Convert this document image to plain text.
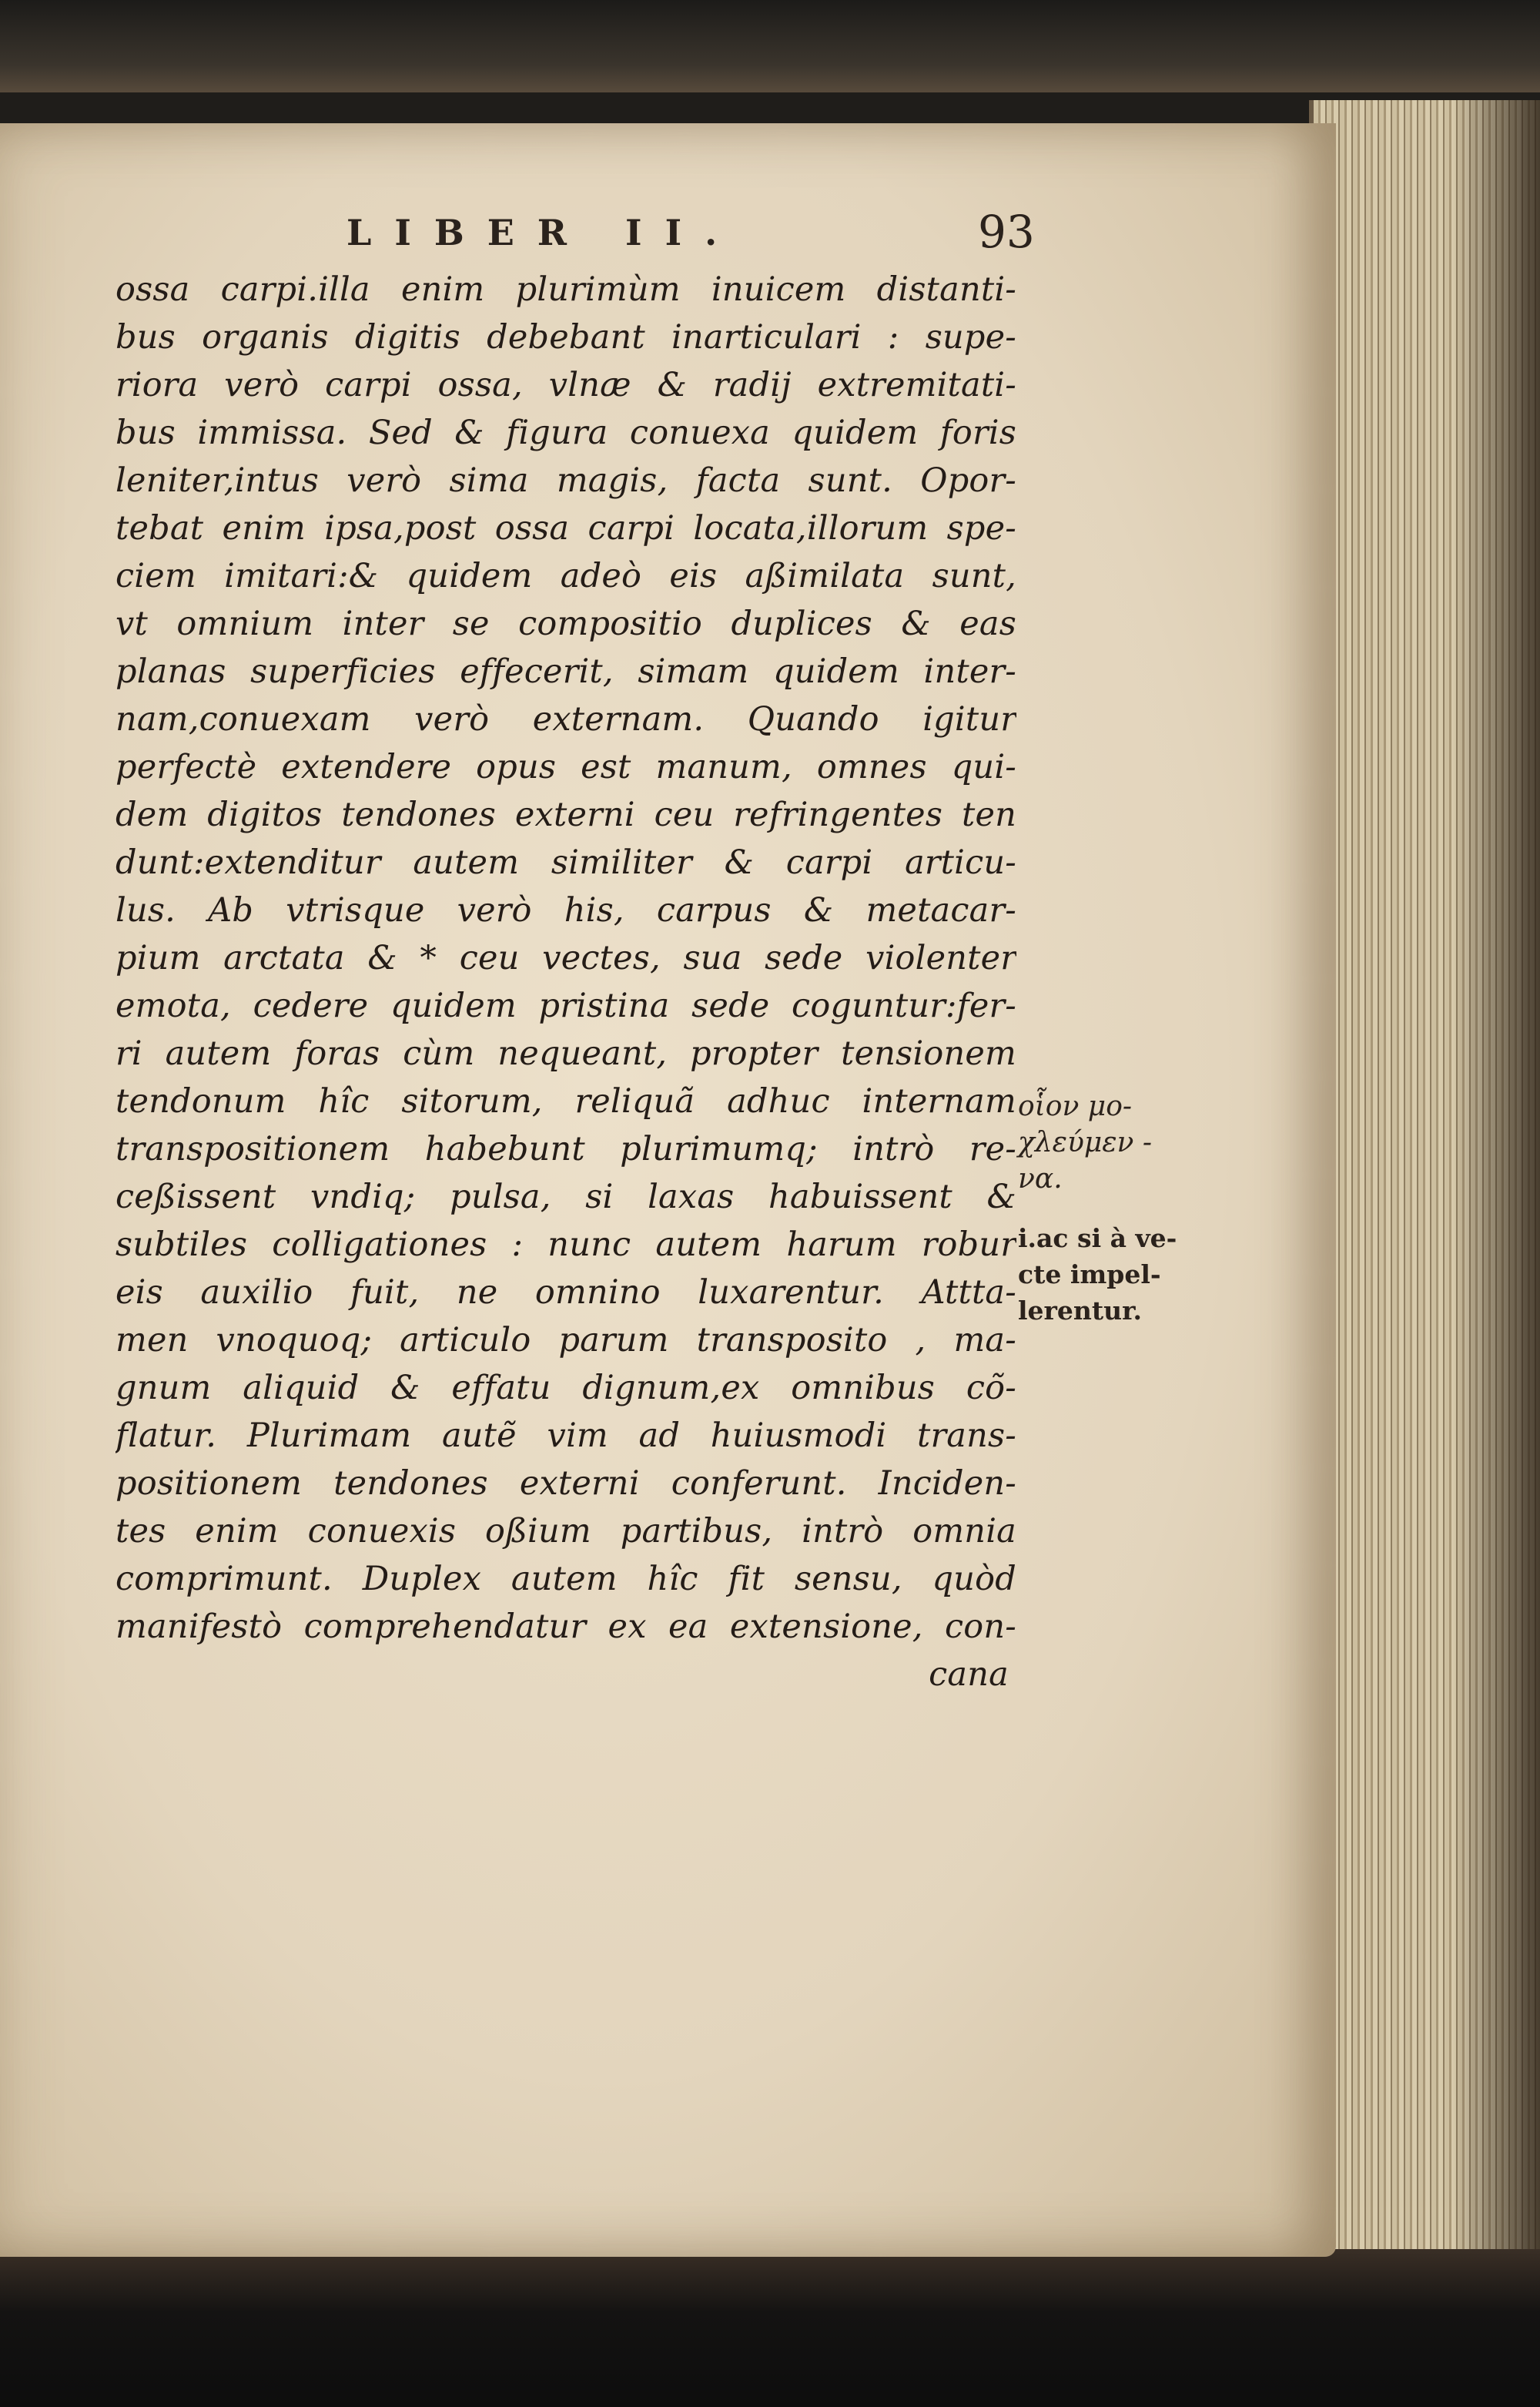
LIBER II.	93
ossa carpi.illa enim plurimùm inuicem distanti-
bus organis digitis debebant inarticulari : supe-
riora verò carpi ossa, vlnæ & radij extremitati-
bus immissa. Sed & figura conuexa quidem foris
leniter,intus verò sima magis, facta sunt. Opor-
tebat enim ipsa,post ossa carpi locata,illorum spe-
ciem imitari:& quidem adeò eis aßimilata sunt,
vt omnium inter se compositio duplices & eas
planas superficies effecerit, simam quidem inter-
nam,conuexam verò externam. Quando igitur
perfectè extendere opus est manum, omnes qui-
dem digitos tendones externi ceu refringentes ten
dunt:extenditur autem similiter & carpi articu-
lus. Ab vtrisque verò his, carpus & metacar-
pium arctata & * ceu vectes, sua sede violenter
emota, cedere quidem pristina sede coguntur:fer-
ri autem foras cùm nequeant, propter tensionem
tendonum hîc sitorum, reliquã adhuc internam
transpositionem habebunt plurimumq; intrò re-
ceßissent vndiq; pulsa, si laxas habuissent &
subtiles colligationes : nunc autem harum robur
eis auxilio fuit, ne omnino luxarentur. Attta-
men vnoquoq; articulo parum transposito , ma-
gnum aliquid & effatu dignum,ex omnibus cõ-
flatur. Plurimam autẽ vim ad huiusmodi trans-
positionem tendones externi conferunt. Inciden-
tes enim conuexis oßium partibus, intrò omnia
comprimunt. Duplex autem hîc fit sensu, quòd
manifestò comprehendatur ex ea extensione, con-
cana
οἷον μο-
χλεύμεν -
να.
i.ac si à ve-
cte impel-
lerentur.
